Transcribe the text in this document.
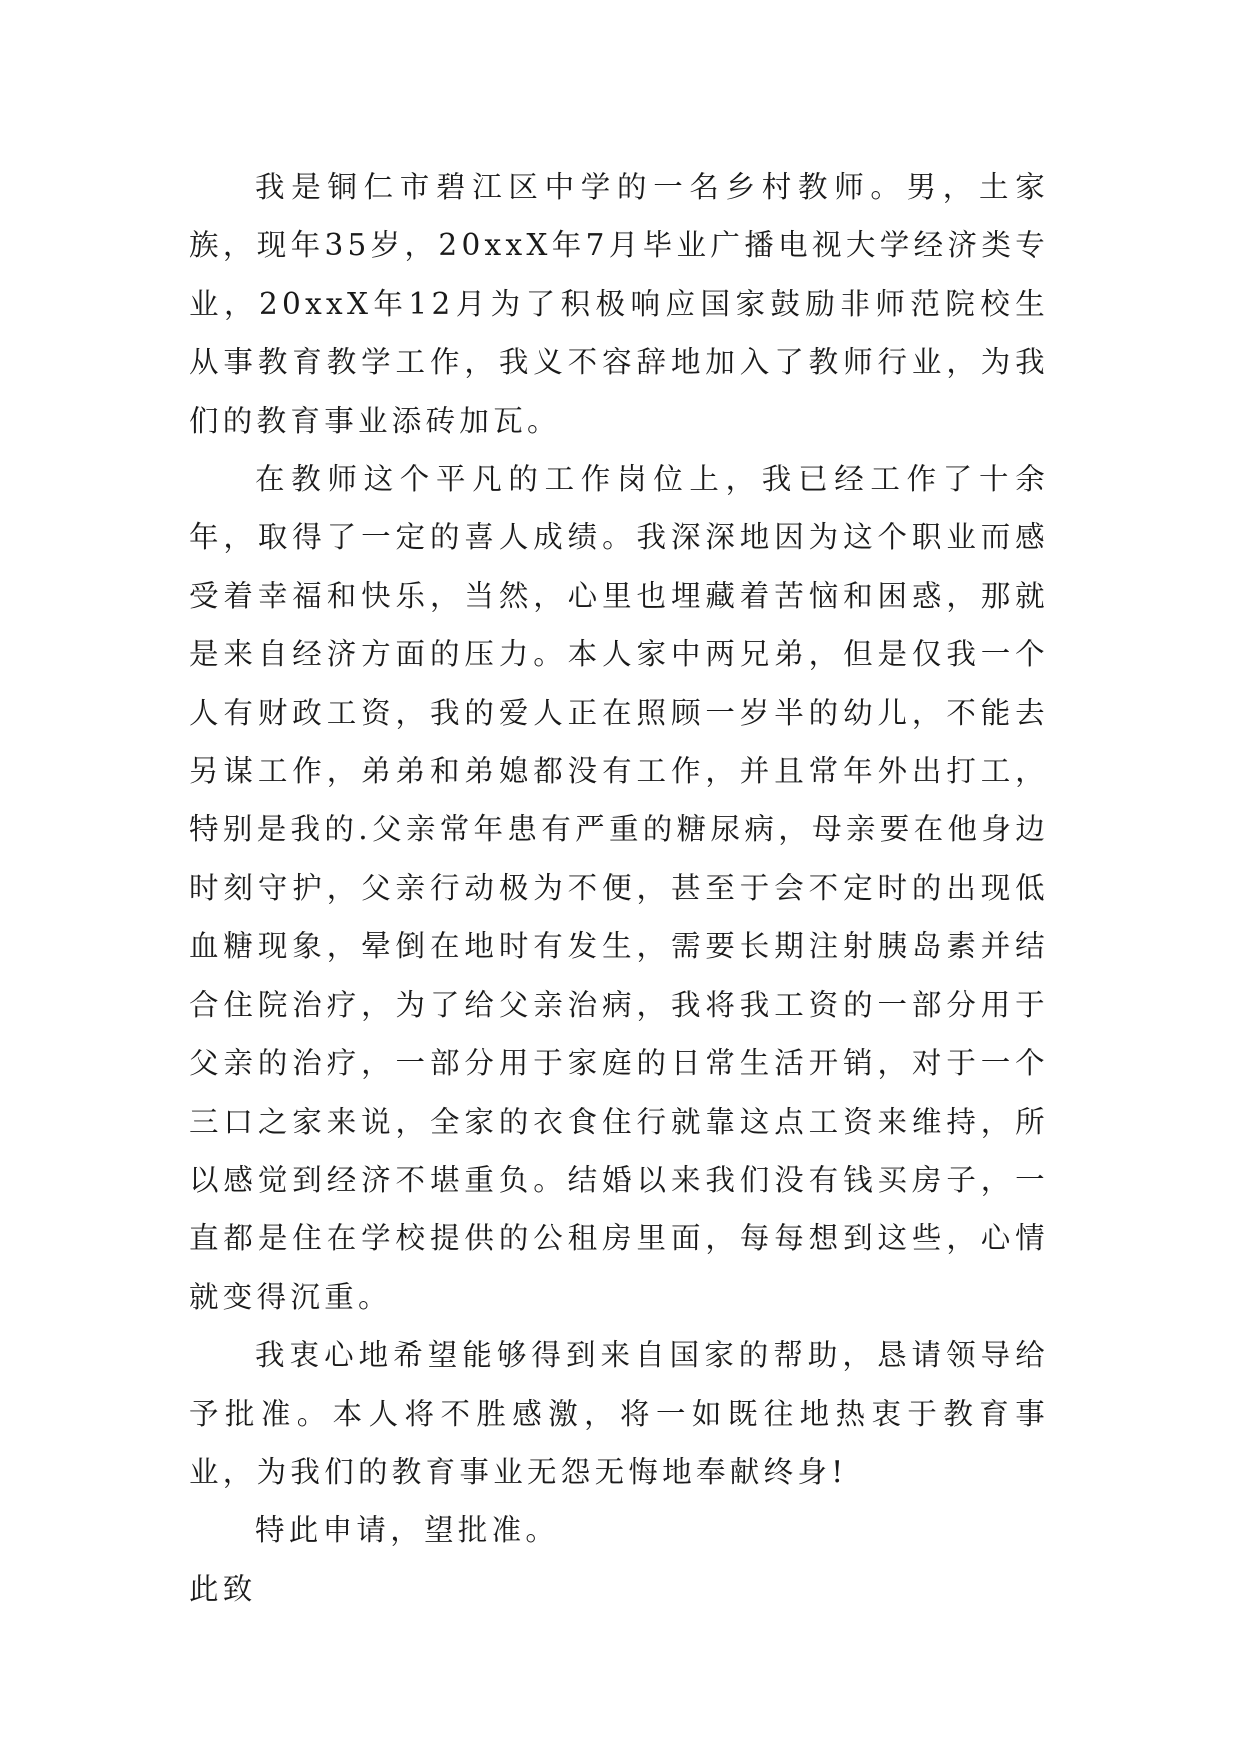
我是铜仁市碧江区中学的一名乡村教师。男，土家族，现年35岁，20xxX年7月毕业广播电视大学经济类专业，20xxX年12月为了积极响应国家鼓励非师范院校生从事教育教学工作，我义不容辞地加入了教师行业，为我们的教育事业添砖加瓦。

在教师这个平凡的工作岗位上，我已经工作了十余年，取得了一定的喜人成绩。我深深地因为这个职业而感受着幸福和快乐，当然，心里也埋藏着苦恼和困惑，那就是来自经济方面的压力。本人家中两兄弟，但是仅我一个人有财政工资，我的爱人正在照顾一岁半的幼儿，不能去另谋工作，弟弟和弟媳都没有工作，并且常年外出打工，特别是我的.父亲常年患有严重的糖尿病，母亲要在他身边时刻守护，父亲行动极为不便，甚至于会不定时的出现低血糖现象，晕倒在地时有发生，需要长期注射胰岛素并结合住院治疗，为了给父亲治病，我将我工资的一部分用于父亲的治疗，一部分用于家庭的日常生活开销，对于一个三口之家来说，全家的衣食住行就靠这点工资来维持，所以感觉到经济不堪重负。结婚以来我们没有钱买房子，一直都是住在学校提供的公租房里面，每每想到这些，心情就变得沉重。

我衷心地希望能够得到来自国家的帮助，恳请领导给予批准。本人将不胜感激，将一如既往地热衷于教育事业，为我们的教育事业无怨无悔地奉献终身!

特此申请，望批准。

此致
